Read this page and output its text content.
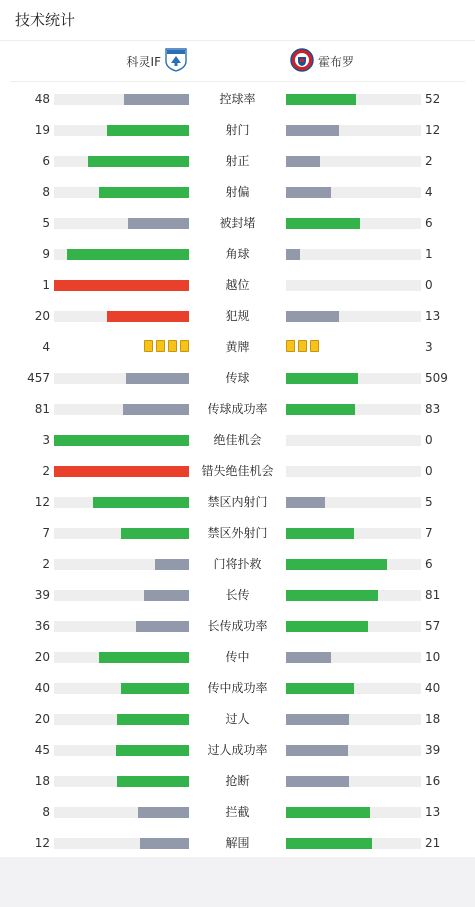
技术统计
科灵IF	霍布罗
48	控球率	52
19	射门	12
6	射正	2
8	射偏	4
5	被封堵	6
9	角球	1
1	越位	0
20	犯规	13
4	黄牌	3
457	传球	509
81	传球成功率	83
3	绝佳机会	0
2	错失绝佳机会	0
12	禁区内射门	5
7	禁区外射门	7
2	门将扑救	6
39	长传	81
36	长传成功率	57
20	传中	10
40	传中成功率	40
20	过人	18
45	过人成功率	39
18	抢断	16
8	拦截	13
12	解围	21
